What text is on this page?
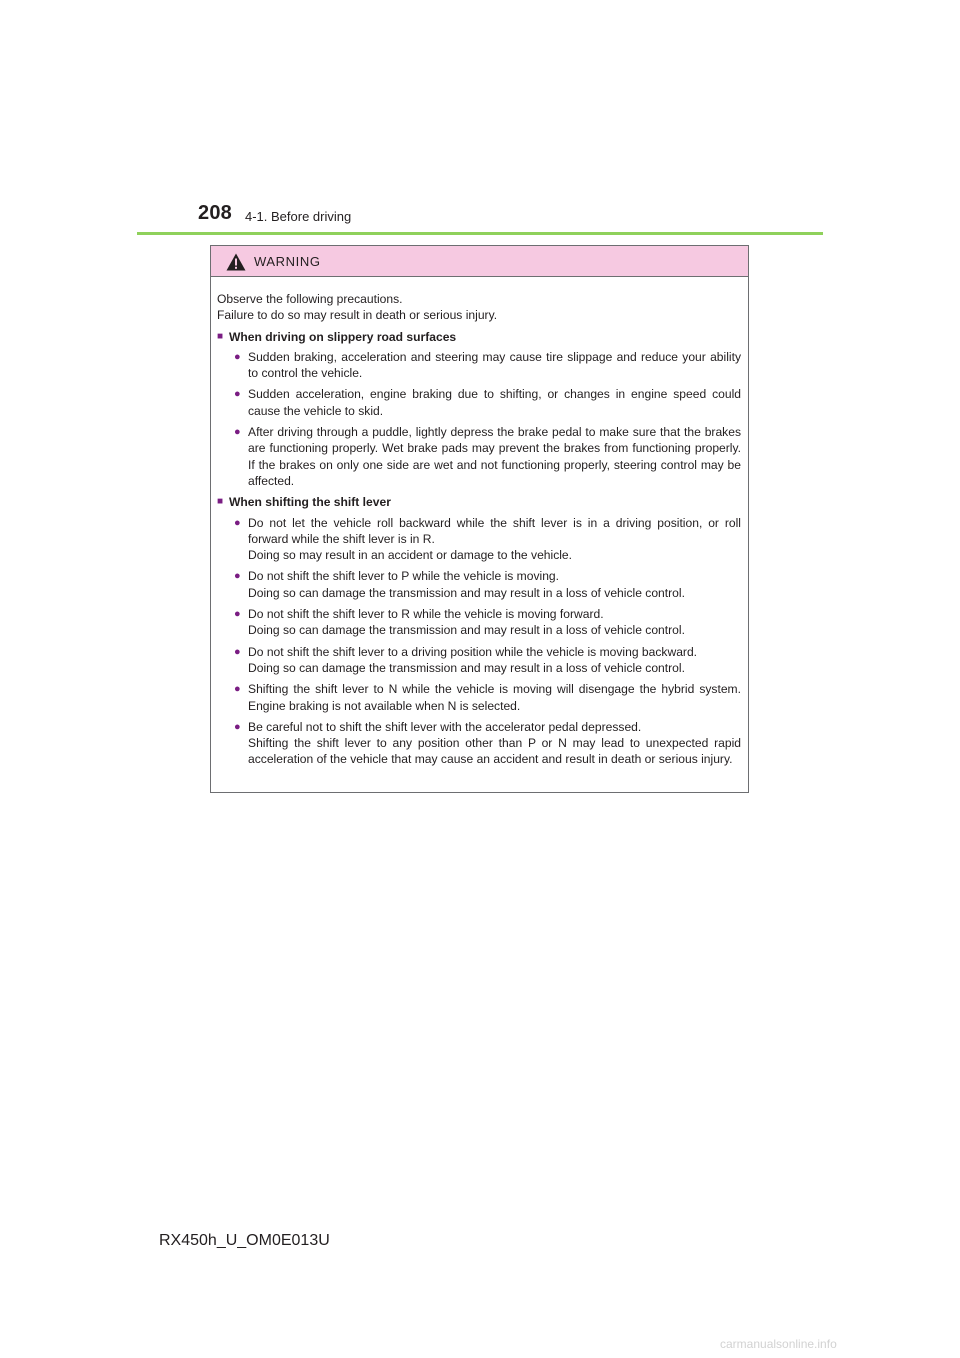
208 4-1. Before driving
WARNING

Observe the following precautions.

Failure to do so may result in death or serious injury.

■ When driving on slippery road surfaces
● Sudden braking, acceleration and steering may cause tire slippage and reduce your ability to control the vehicle.
● Sudden acceleration, engine braking due to shifting, or changes in engine speed could cause the vehicle to skid.
● After driving through a puddle, lightly depress the brake pedal to make sure that the brakes are functioning properly. Wet brake pads may prevent the brakes from functioning properly. If the brakes on only one side are wet and not functioning properly, steering control may be affected.
■ When shifting the shift lever
● Do not let the vehicle roll backward while the shift lever is in a driving position, or roll forward while the shift lever is in R.
Doing so may result in an accident or damage to the vehicle.
● Do not shift the shift lever to P while the vehicle is moving.
Doing so can damage the transmission and may result in a loss of vehicle control.
● Do not shift the shift lever to R while the vehicle is moving forward.
Doing so can damage the transmission and may result in a loss of vehicle control.
● Do not shift the shift lever to a driving position while the vehicle is moving backward.
Doing so can damage the transmission and may result in a loss of vehicle control.
● Shifting the shift lever to N while the vehicle is moving will disengage the hybrid system. Engine braking is not available when N is selected.
● Be careful not to shift the shift lever with the accelerator pedal depressed.
Shifting the shift lever to any position other than P or N may lead to unexpected rapid acceleration of the vehicle that may cause an accident and result in death or serious injury.
RX450h_U_OM0E013U
carmanualsonline.info
